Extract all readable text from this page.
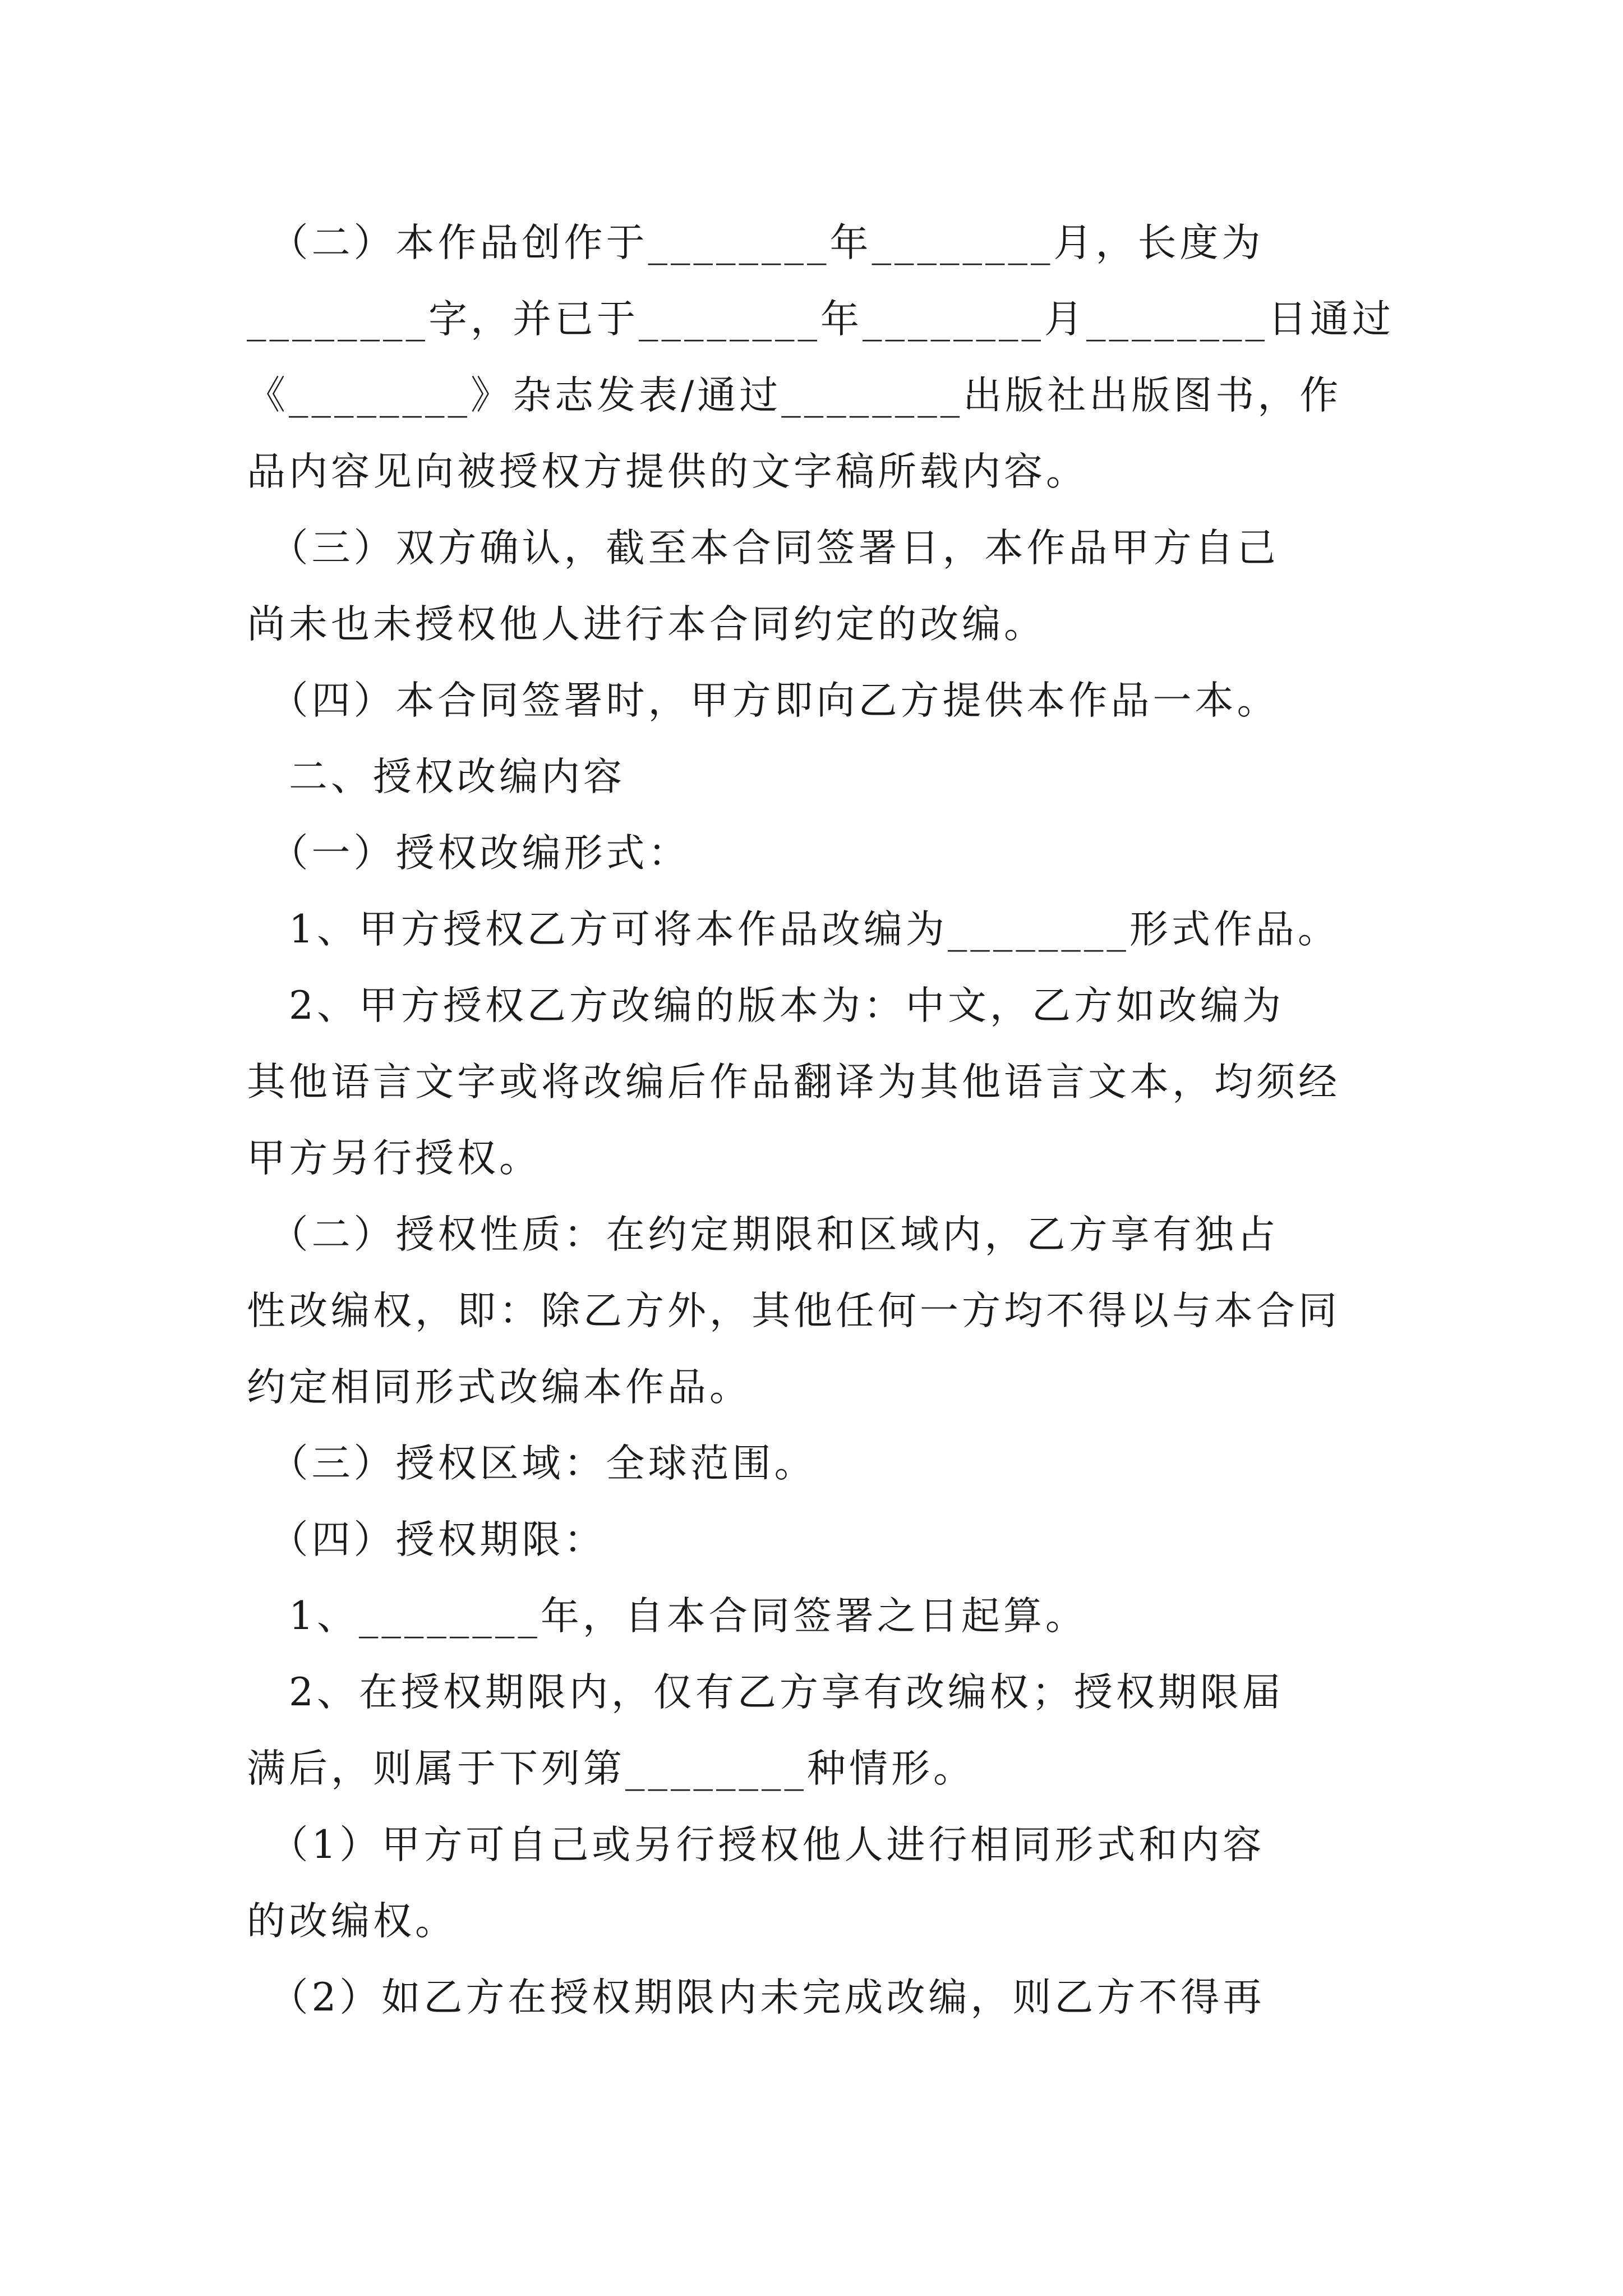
　（二）本作品创作于________年________月，长度为
________字，并已于________年________月________日通过
《________》杂志发表/通过________出版社出版图书，作
品内容见向被授权方提供的文字稿所载内容。
　（三）双方确认，截至本合同签署日，本作品甲方自己
尚未也未授权他人进行本合同约定的改编。
　（四）本合同签署时，甲方即向乙方提供本作品一本。
　二、授权改编内容
　（一）授权改编形式：
　1、甲方授权乙方可将本作品改编为________形式作品。
　2、甲方授权乙方改编的版本为：中文，乙方如改编为
其他语言文字或将改编后作品翻译为其他语言文本，均须经
甲方另行授权。
　（二）授权性质：在约定期限和区域内，乙方享有独占
性改编权，即：除乙方外，其他任何一方均不得以与本合同
约定相同形式改编本作品。
　（三）授权区域：全球范围。
　（四）授权期限：
　1、________年，自本合同签署之日起算。
　2、在授权期限内，仅有乙方享有改编权；授权期限届
满后，则属于下列第________种情形。
　（1）甲方可自己或另行授权他人进行相同形式和内容
的改编权。
　（2）如乙方在授权期限内未完成改编，则乙方不得再
